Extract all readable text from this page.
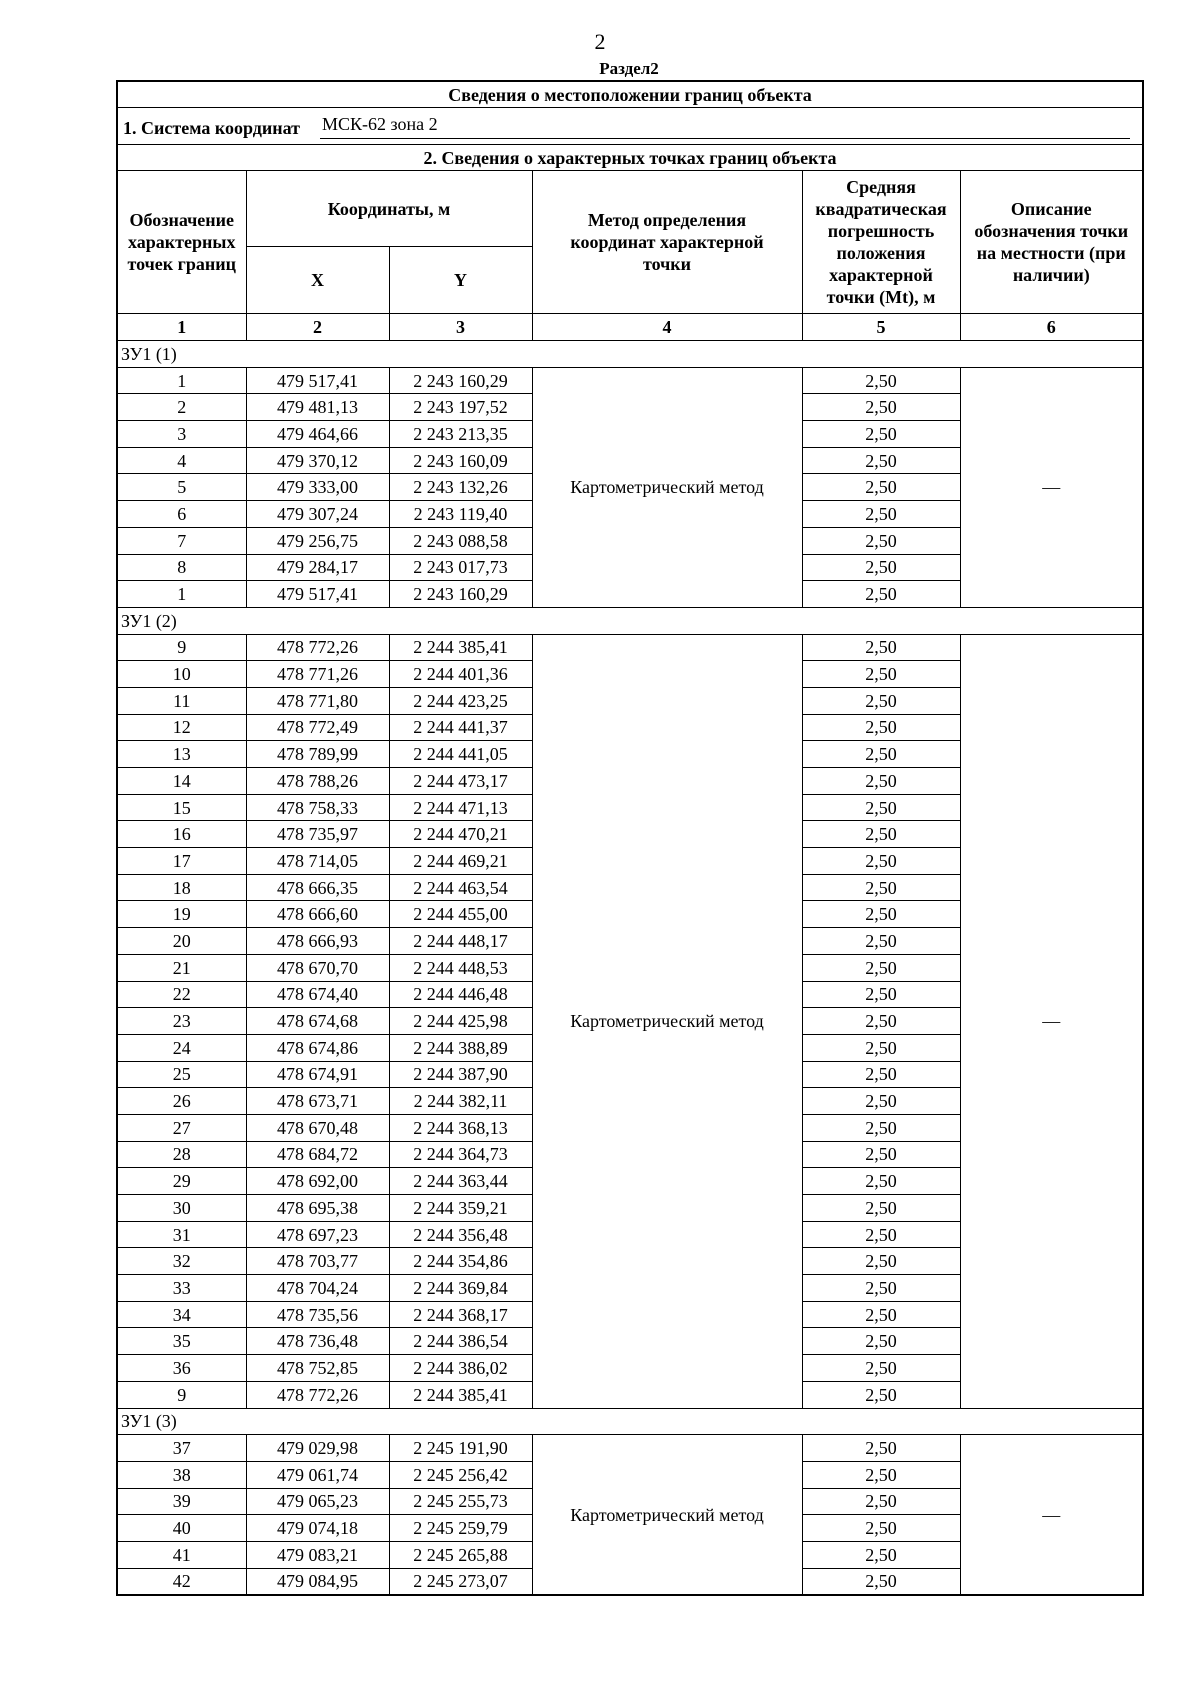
2
Раздел2
Сведения о местоположении границ объекта					

1. Система координат МСК-62 зона 2					

2. Сведения о характерных точках границ объекта					
Обозначение характерных точек границ	Координаты, м		Метод определения координат характерной точки	Средняя квадратическая погрешность положения характерной точки (Mt), м	Описание обозначения точки на местности (при наличии)
	X	Y			
1	2	3	4	5	6
ЗУ1 (1)					
1	479 517,41	2 243 160,29	Картометрический метод	2,50	—
2	479 481,13	2 243 197,52		2,50	
3	479 464,66	2 243 213,35		2,50	
4	479 370,12	2 243 160,09		2,50	
5	479 333,00	2 243 132,26		2,50	
6	479 307,24	2 243 119,40		2,50	
7	479 256,75	2 243 088,58		2,50	
8	479 284,17	2 243 017,73		2,50	
1	479 517,41	2 243 160,29		2,50	
ЗУ1 (2)					
9	478 772,26	2 244 385,41	Картометрический метод	2,50	—
10	478 771,26	2 244 401,36		2,50	
11	478 771,80	2 244 423,25		2,50	
12	478 772,49	2 244 441,37		2,50	
13	478 789,99	2 244 441,05		2,50	
14	478 788,26	2 244 473,17		2,50	
15	478 758,33	2 244 471,13		2,50	
16	478 735,97	2 244 470,21		2,50	
17	478 714,05	2 244 469,21		2,50	
18	478 666,35	2 244 463,54		2,50	
19	478 666,60	2 244 455,00		2,50	
20	478 666,93	2 244 448,17		2,50	
21	478 670,70	2 244 448,53		2,50	
22	478 674,40	2 244 446,48		2,50	
23	478 674,68	2 244 425,98		2,50	
24	478 674,86	2 244 388,89		2,50	
25	478 674,91	2 244 387,90		2,50	
26	478 673,71	2 244 382,11		2,50	
27	478 670,48	2 244 368,13		2,50	
28	478 684,72	2 244 364,73		2,50	
29	478 692,00	2 244 363,44		2,50	
30	478 695,38	2 244 359,21		2,50	
31	478 697,23	2 244 356,48		2,50	
32	478 703,77	2 244 354,86		2,50	
33	478 704,24	2 244 369,84		2,50	
34	478 735,56	2 244 368,17		2,50	
35	478 736,48	2 244 386,54		2,50	
36	478 752,85	2 244 386,02		2,50	
9	478 772,26	2 244 385,41		2,50	
ЗУ1 (3)					
37	479 029,98	2 245 191,90	Картометрический метод	2,50	—
38	479 061,74	2 245 256,42		2,50	
39	479 065,23	2 245 255,73		2,50	
40	479 074,18	2 245 259,79		2,50	
41	479 083,21	2 245 265,88		2,50	
42	479 084,95	2 245 273,07		2,50	
